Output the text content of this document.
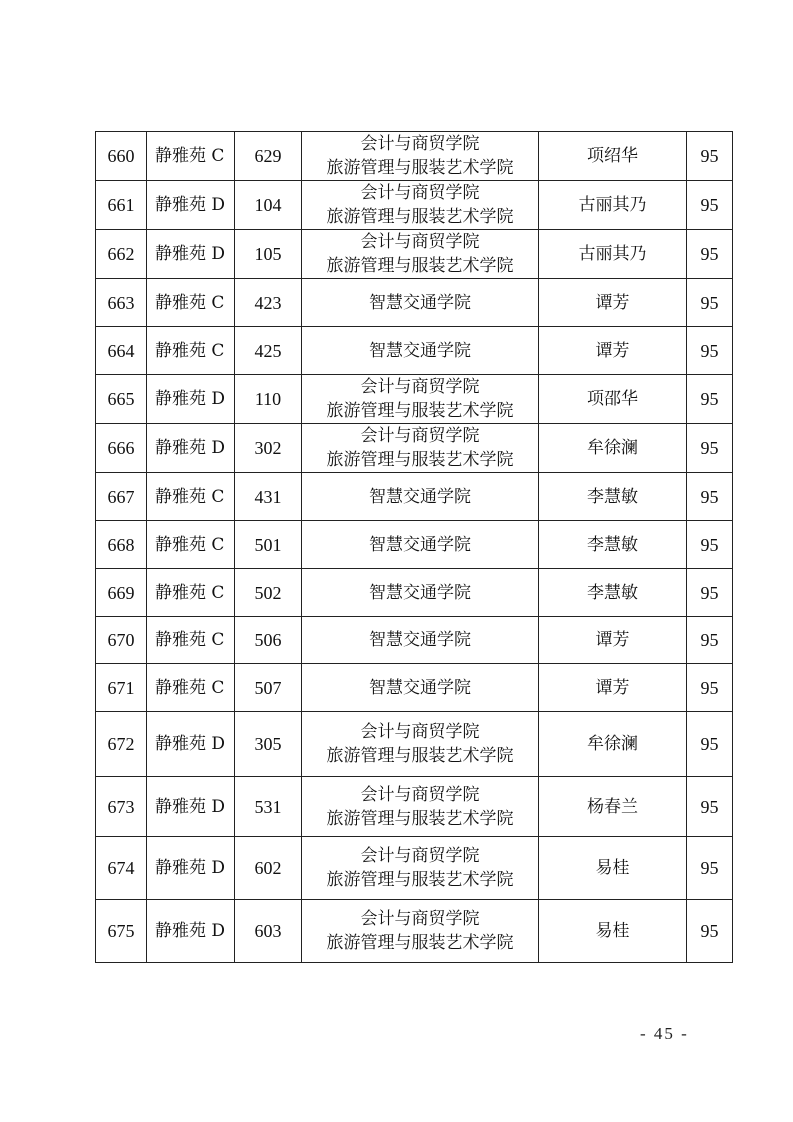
660	静雅苑 C	629	会计与商贸学院
旅游管理与服装艺术学院	项绍华	95
661	静雅苑 D	104	会计与商贸学院
旅游管理与服装艺术学院	古丽其乃	95
662	静雅苑 D	105	会计与商贸学院
旅游管理与服装艺术学院	古丽其乃	95
663	静雅苑 C	423	智慧交通学院	谭芳	95
664	静雅苑 C	425	智慧交通学院	谭芳	95
665	静雅苑 D	110	会计与商贸学院
旅游管理与服装艺术学院	项邵华	95
666	静雅苑 D	302	会计与商贸学院
旅游管理与服装艺术学院	牟徐澜	95
667	静雅苑 C	431	智慧交通学院	李慧敏	95
668	静雅苑 C	501	智慧交通学院	李慧敏	95
669	静雅苑 C	502	智慧交通学院	李慧敏	95
670	静雅苑 C	506	智慧交通学院	谭芳	95
671	静雅苑 C	507	智慧交通学院	谭芳	95
672	静雅苑 D	305	会计与商贸学院
旅游管理与服装艺术学院	牟徐澜	95
673	静雅苑 D	531	会计与商贸学院
旅游管理与服装艺术学院	杨春兰	95
674	静雅苑 D	602	会计与商贸学院
旅游管理与服装艺术学院	易桂	95
675	静雅苑 D	603	会计与商贸学院
旅游管理与服装艺术学院	易桂	95
- 45 -
